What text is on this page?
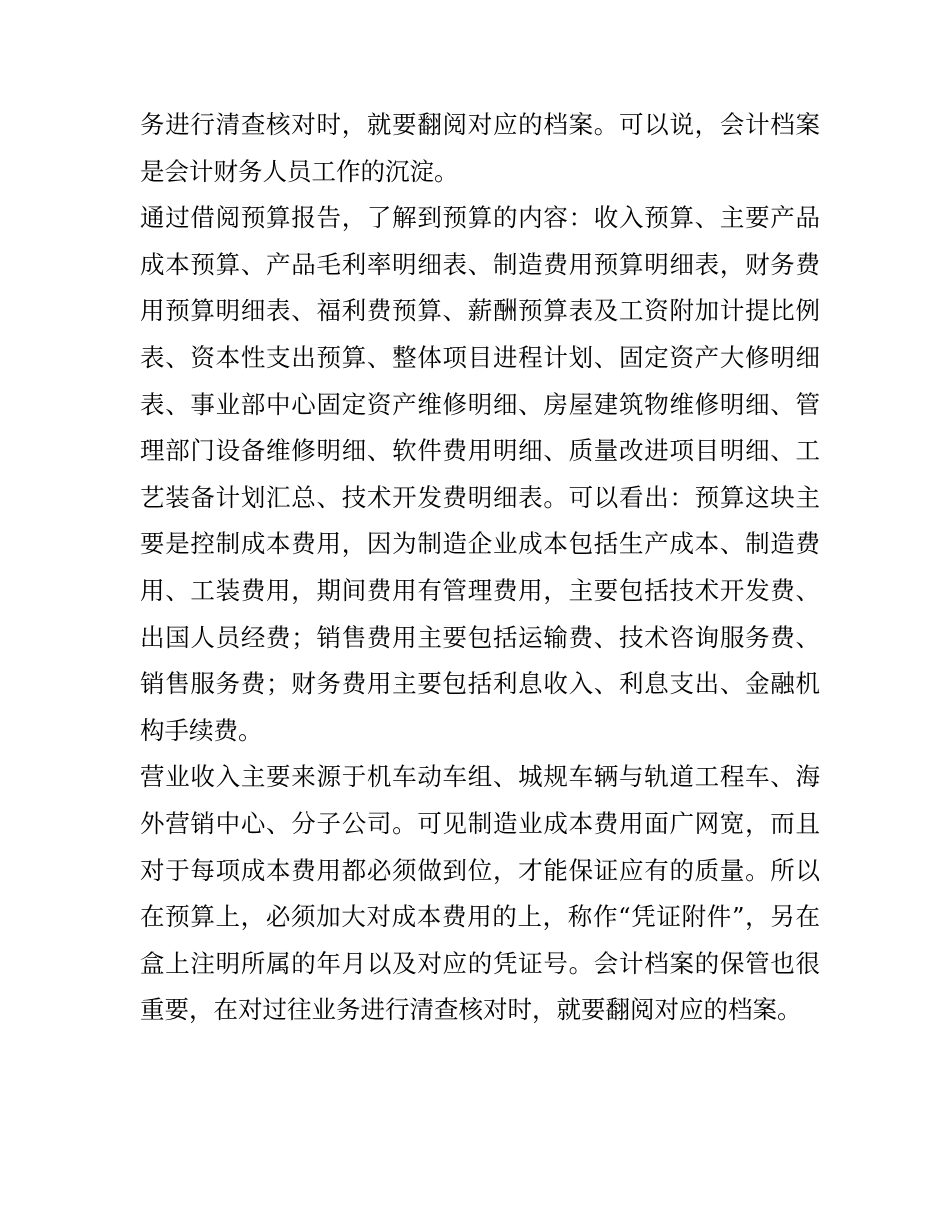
务进行清查核对时，就要翻阅对应的档案。可以说，会计档案是会计财务人员工作的沉淀。

通过借阅预算报告，了解到预算的内容：收入预算、主要产品成本预算、产品毛利率明细表、制造费用预算明细表，财务费用预算明细表、福利费预算、薪酬预算表及工资附加计提比例表、资本性支出预算、整体项目进程计划、固定资产大修明细表、事业部中心固定资产维修明细、房屋建筑物维修明细、管理部门设备维修明细、软件费用明细、质量改进项目明细、工艺装备计划汇总、技术开发费明细表。可以看出：预算这块主要是控制成本费用，因为制造企业成本包括生产成本、制造费用、工装费用，期间费用有管理费用，主要包括技术开发费、出国人员经费；销售费用主要包括运输费、技术咨询服务费、销售服务费；财务费用主要包括利息收入、利息支出、金融机构手续费。

营业收入主要来源于机车动车组、城规车辆与轨道工程车、海外营销中心、分子公司。可见制造业成本费用面广网宽，而且对于每项成本费用都必须做到位，才能保证应有的质量。所以在预算上，必须加大对成本费用的上，称作“凭证附件”，另在盒上注明所属的年月以及对应的凭证号。会计档案的保管也很重要，在对过往业务进行清查核对时，就要翻阅对应的档案。
